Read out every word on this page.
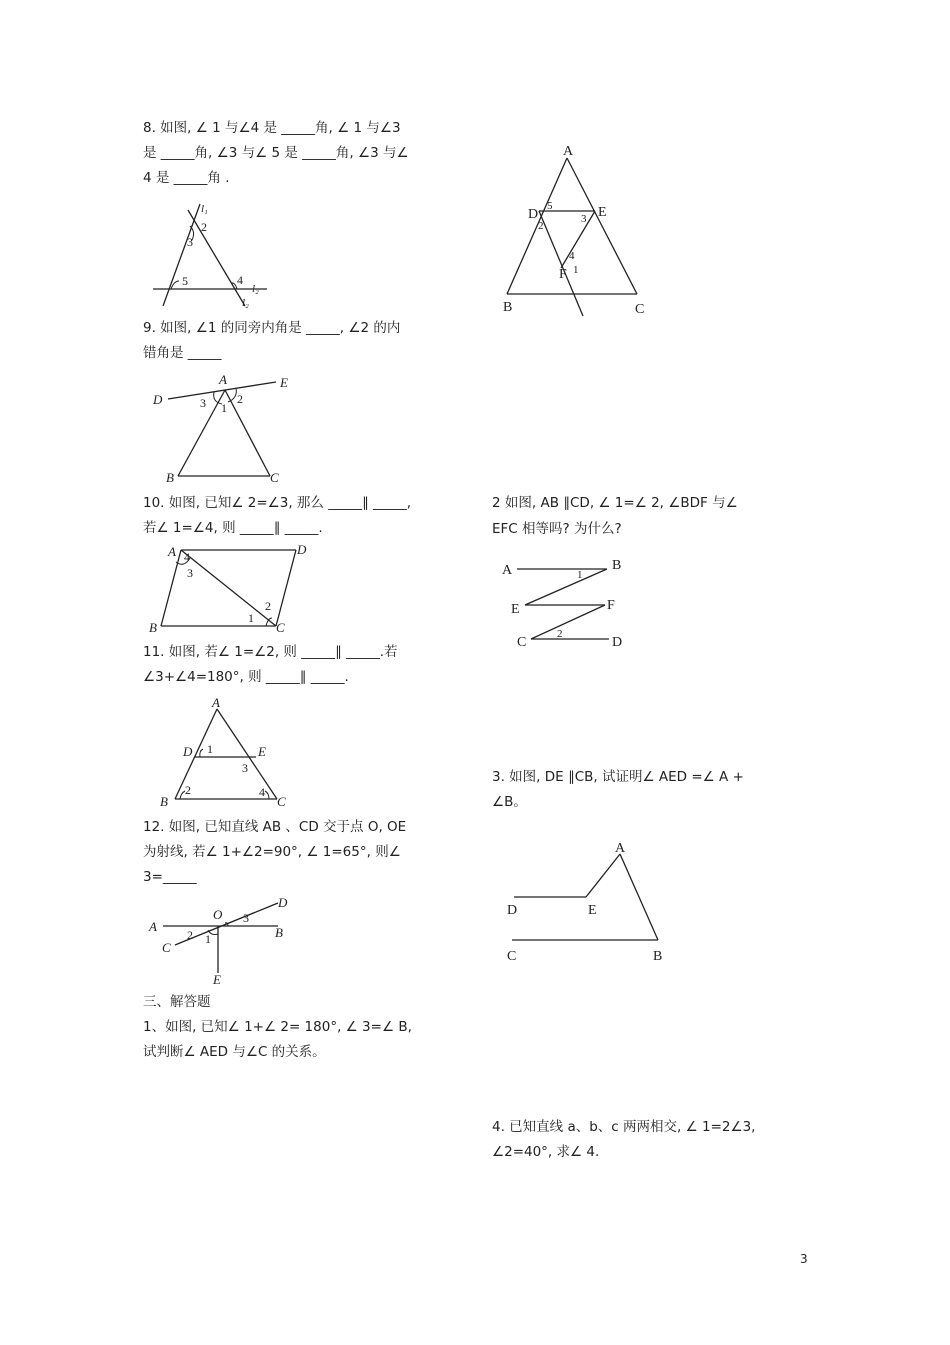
8. 如图, ∠ 1 与∠4 是 _____角, ∠ 1 与∠3
是 _____角, ∠3 与∠ 5 是 _____角, ∠3 与∠
4 是 _____角 .
l₁
2
3
5	4
l₂
l₂
9. 如图, ∠1 的同旁内角是 _____, ∠2 的内
错角是 _____
A	E
D	3 1
2
B	C
10. 如图, 已知∠ 2=∠3, 那么 _____∥ _____,
若∠ 1=∠4, 则 _____∥ _____.
A 4
3
D
2
1
B	C
11. 如图, 若∠ 1=∠2, 则 _____∥ _____.若
∠3+∠4=180°, 则 _____∥ _____.
A
D 1	E
3
2	4
B	C
12. 如图, 已知直线 AB 、CD 交于点 O, OE
为射线, 若∠ 1+∠2=90°, ∠ 1=65°, 则∠
3=_____
A
O 3
D
B
2 1
C
E
三、解答题
1、如图, 已知∠ 1+∠ 2= 180°, ∠ 3=∠ B,
试判断∠ AED 与∠C 的关系。
A
D
5
2
E
3
4
1
F
B	C
2 如图, AB ∥CD, ∠ 1=∠ 2, ∠BDF 与∠
EFC 相等吗? 为什么?
A	1
B
E	F
2
C	D
3. 如图, DE ∥CB, 试证明∠ AED =∠ A +
∠B。
A
D	E
C	B
4. 已知直线 a、b、c 两两相交, ∠ 1=2∠3,
∠2=40°, 求∠ 4.
3
